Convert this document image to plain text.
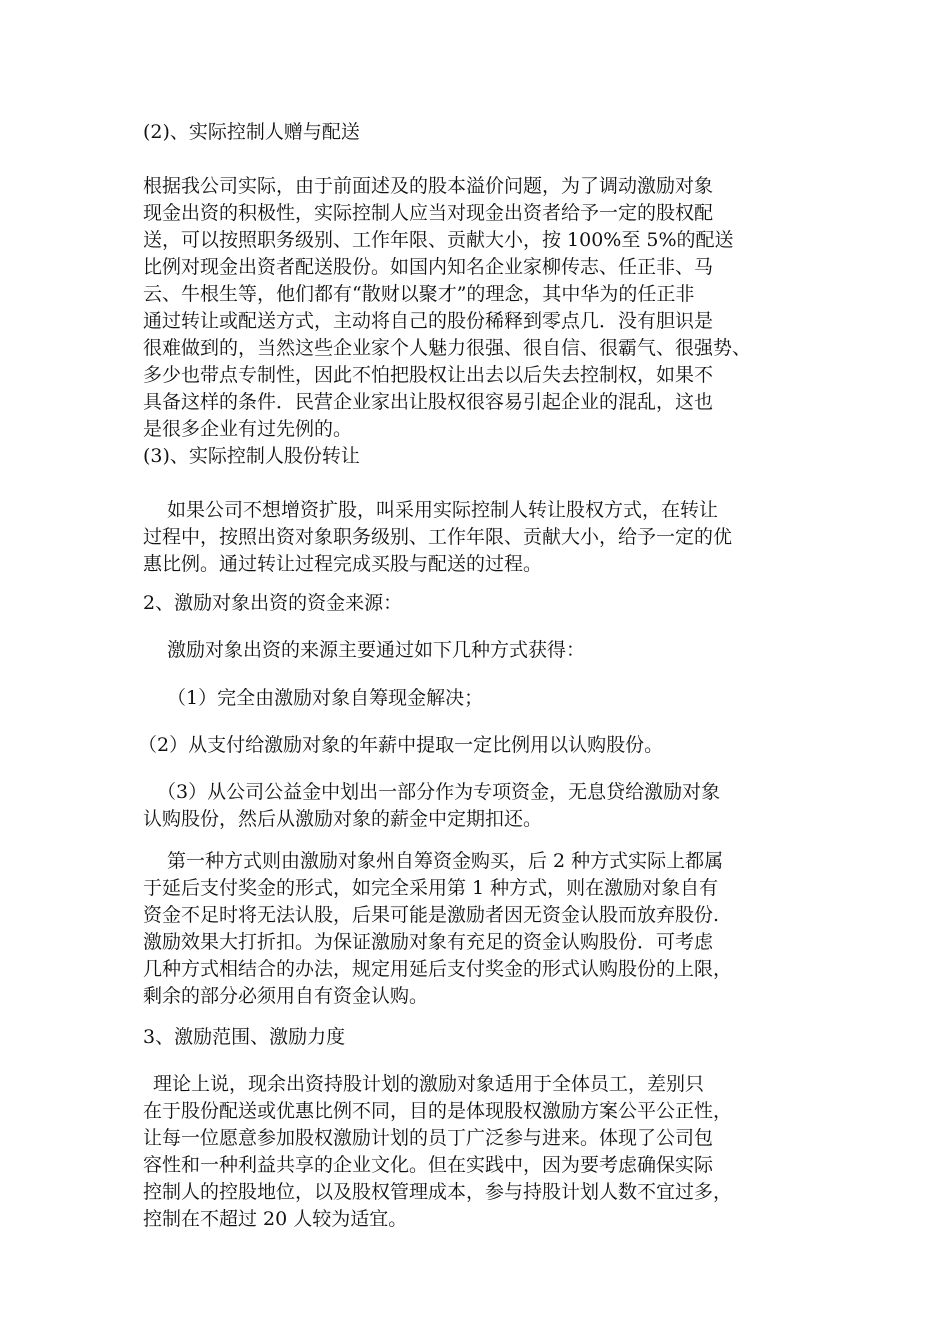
(2)、实际控制人赠与配送

根据我公司实际，由于前面述及的股本溢价问题，为了调动激励对象
现金出资的积极性，实际控制人应当对现金出资者给予一定的股权配
送，可以按照职务级别、工作年限、贡献大小，按 100%至 5%的配送
比例对现金出资者配送股份。如国内知名企业家柳传志、任正非、马
云、牛根生等，他们都有“散财以聚才”的理念，其中华为的任正非
通过转让或配送方式，主动将自己的股份稀释到零点几．没有胆识是
很难做到的，当然这些企业家个人魅力很强、很自信、很霸气、很强势、
多少也带点专制性，因此不怕把股权让出去以后失去控制权，如果不
具备这样的条件．民营企业家出让股权很容易引起企业的混乱，这也
是很多企业有过先例的。

(3)、实际控制人股份转让

如果公司不想增资扩股，叫采用实际控制人转让股权方式，在转让
过程中，按照出资对象职务级别、工作年限、贡献大小，给予一定的优
惠比例。通过转让过程完成买股与配送的过程。

2、激励对象出资的资金来源：

激励对象出资的来源主要通过如下几种方式获得：

（1）完全由激励对象自筹现金解决；

（2）从支付给激励对象的年薪中提取一定比例用以认购股份。

（3）从公司公益金中划出一部分作为专项资金，无息贷给激励对象
认购股份，然后从激励对象的薪金中定期扣还。
第一种方式则由激励对象州自筹资金购买，后 2 种方式实际上都属
于延后支付奖金的形式，如完全采用第 1 种方式，则在激励对象自有
资金不足时将无法认股，后果可能是激励者因无资金认股而放弃股份.
激励效果大打折扣。为保证激励对象有充足的资金认购股份．可考虑
几种方式相结合的办法，规定用延后支付奖金的形式认购股份的上限，
剩余的部分必须用自有资金认购。

3、激励范围、激励力度

理论上说，现余出资持股计划的激励对象适用于全体员工，差别只
在于股份配送或优惠比例不同，目的是体现股权激励方案公平公正性，
让每一位愿意参加股权激励计划的员丁广泛参与进来。体现了公司包
容性和一种利益共享的企业文化。但在实践中，因为要考虑确保实际
控制人的控股地位，以及股权管理成本，参与持股计划人数不宜过多，
控制在不超过 20 人较为适宜。
